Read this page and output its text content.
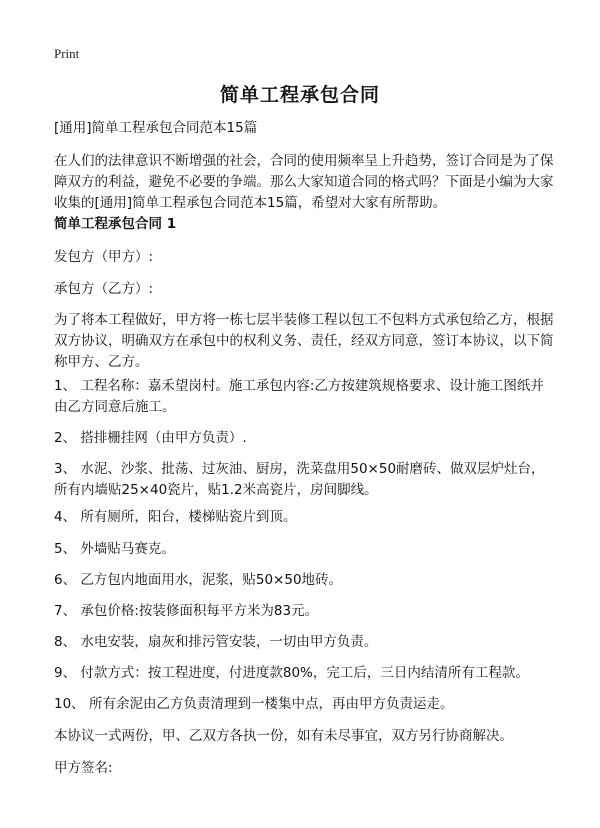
Print
简单工程承包合同
[通用]简单工程承包合同范本15篇
在人们的法律意识不断增强的社会，合同的使用频率呈上升趋势，签订合同是为了保障双方的利益，避免不必要的争端。那么大家知道合同的格式吗？下面是小编为大家收集的[通用]简单工程承包合同范本15篇，希望对大家有所帮助。
简单工程承包合同 1
发包方（甲方）:
承包方（乙方）:
为了将本工程做好，甲方将一栋七层半装修工程以包工不包料方式承包给乙方，根据双方协议，明确双方在承包中的权利义务、责任，经双方同意，签订本协议，以下简称甲方、乙方。
1、 工程名称：嘉禾望岗村。施工承包内容:乙方按建筑规格要求、设计施工图纸并由乙方同意后施工。
2、 搭排栅挂网（由甲方负责）.
3、 水泥、沙浆、批荡、过灰油、厨房，洗菜盘用50×50耐磨砖、做双层炉灶台，所有内墙贴25×40瓷片，贴1.2米高瓷片，房间脚线。
4、 所有厕所，阳台，楼梯贴瓷片到顶。
5、 外墙贴马赛克。
6、 乙方包内地面用水，泥浆，贴50×50地砖。
7、 承包价格:按装修面积每平方米为83元。
8、 水电安装，扇灰和排污管安装，一切由甲方负责。
9、 付款方式：按工程进度，付进度款80%，完工后，三日内结清所有工程款。
10、 所有余泥由乙方负责清理到一楼集中点，再由甲方负责运走。
本协议一式两份，甲、乙双方各执一份，如有未尽事宜，双方另行协商解决。
甲方签名:
